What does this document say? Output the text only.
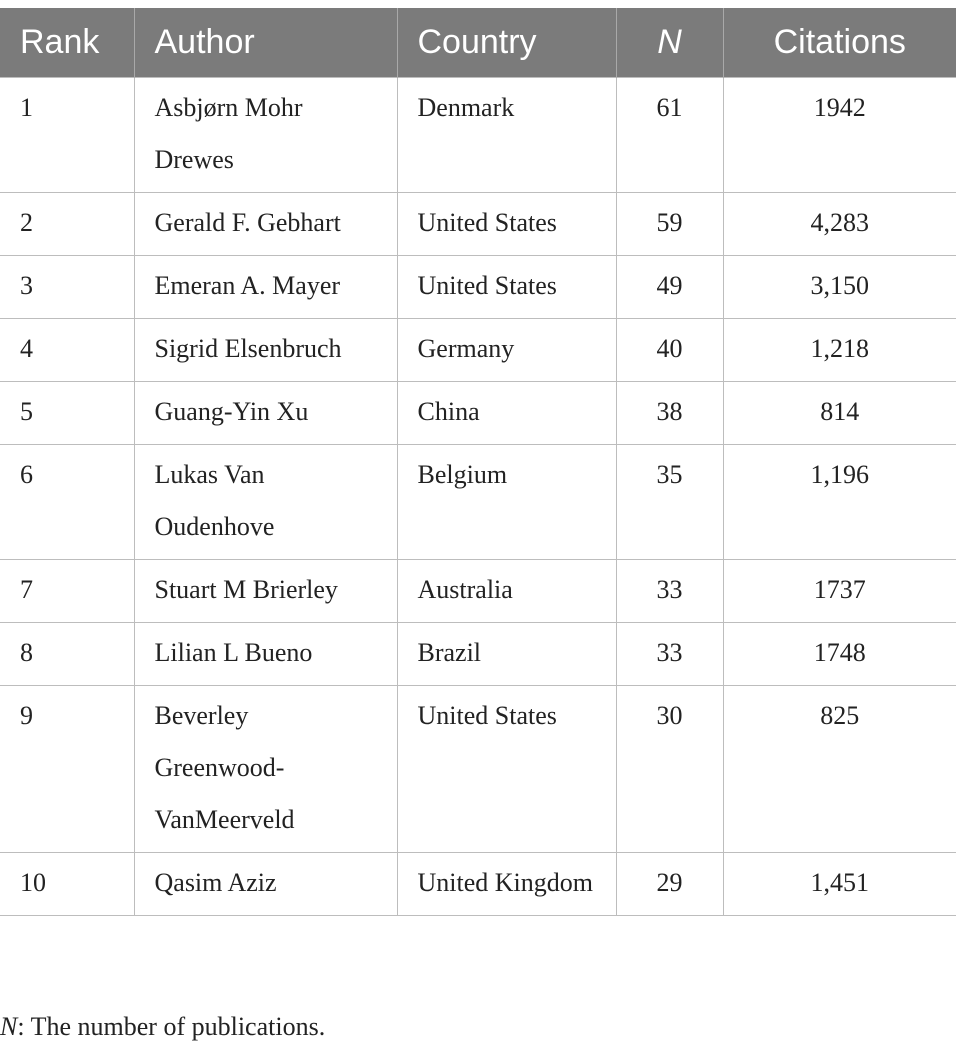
Rank	Author	Country	N	Citations
1	Asbjørn Mohr Drewes	Denmark	61	1942
2	Gerald F. Gebhart	United States	59	4,283
3	Emeran A. Mayer	United States	49	3,150
4	Sigrid Elsenbruch	Germany	40	1,218
5	Guang-Yin Xu	China	38	814
6	Lukas Van Oudenhove	Belgium	35	1,196
7	Stuart M Brierley	Australia	33	1737
8	Lilian L Bueno	Brazil	33	1748
9	Beverley Greenwood-VanMeerveld	United States	30	825
10	Qasim Aziz	United Kingdom	29	1,451
N: The number of publications.
